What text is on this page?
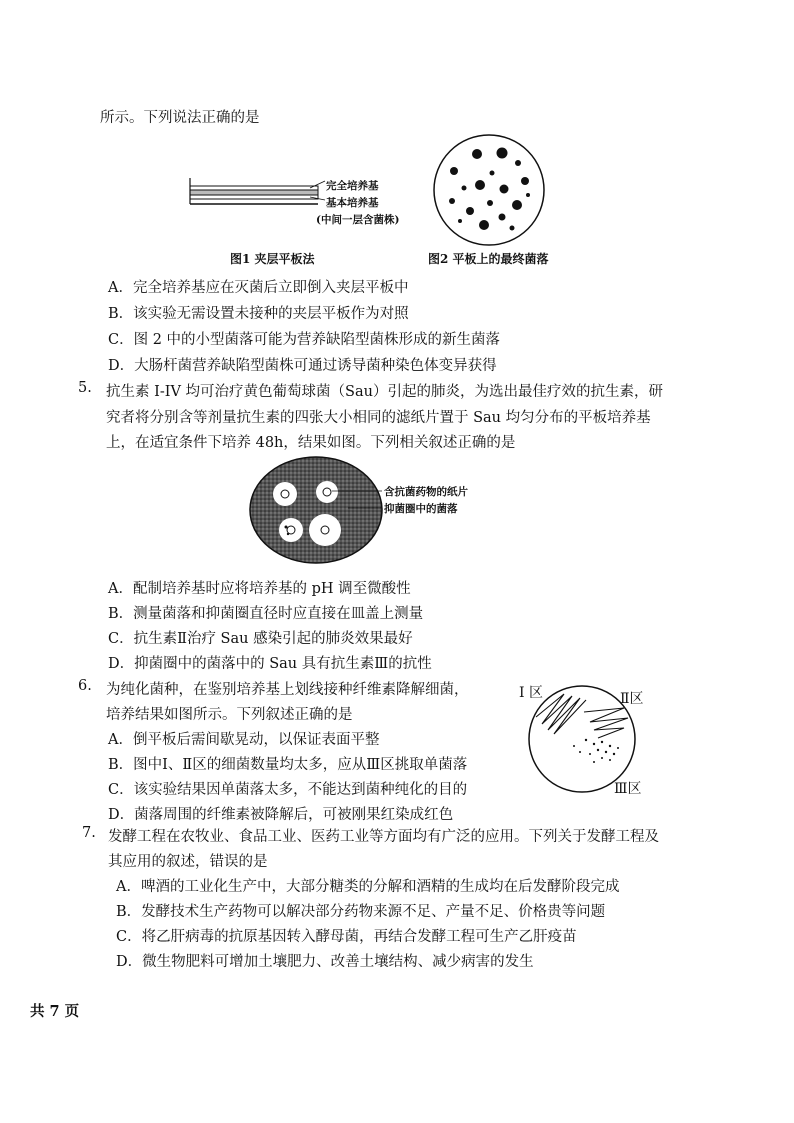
所示。下列说法正确的是
完全培养基
基本培养基
(中间一层含菌株)
图1 夹层平板法	图2 平板上的最终菌落
A．完全培养基应在灭菌后立即倒入夹层平板中
B．该实验无需设置未接种的夹层平板作为对照
C．图 2 中的小型菌落可能为营养缺陷型菌株形成的新生菌落
D．大肠杆菌营养缺陷型菌株可通过诱导菌种染色体变异获得
5. 抗生素 I-IV 均可治疗黄色葡萄球菌（Sau）引起的肺炎，为选出最佳疗效的抗生素，研
究者将分别含等剂量抗生素的四张大小相同的滤纸片置于 Sau 均匀分布的平板培养基
上，在适宜条件下培养 48h，结果如图。下列相关叙述正确的是
含抗菌药物的纸片
抑菌圈中的菌落
A．配制培养基时应将培养基的 pH 调至微酸性
B．测量菌落和抑菌圈直径时应直接在皿盖上测量
C．抗生素Ⅱ治疗 Sau 感染引起的肺炎效果最好
D．抑菌圈中的菌落中的 Sau 具有抗生素Ⅲ的抗性
6. 为纯化菌种，在鉴别培养基上划线接种纤维素降解细菌，
培养结果如图所示。下列叙述正确的是
A．倒平板后需间歇晃动，以保证表面平整
B．图中Ⅰ、Ⅱ区的细菌数量均太多，应从Ⅲ区挑取单菌落
C．该实验结果因单菌落太多，不能达到菌种纯化的目的
D．菌落周围的纤维素被降解后，可被刚果红染成红色
I 区	Ⅱ区
Ⅲ区
7. 发酵工程在农牧业、食品工业、医药工业等方面均有广泛的应用。下列关于发酵工程及
其应用的叙述，错误的是
A．啤酒的工业化生产中，大部分糖类的分解和酒精的生成均在后发酵阶段完成
B．发酵技术生产药物可以解决部分药物来源不足、产量不足、价格贵等问题
C．将乙肝病毒的抗原基因转入酵母菌，再结合发酵工程可生产乙肝疫苗
D．微生物肥料可增加土壤肥力、改善土壤结构、减少病害的发生
共 7 页
